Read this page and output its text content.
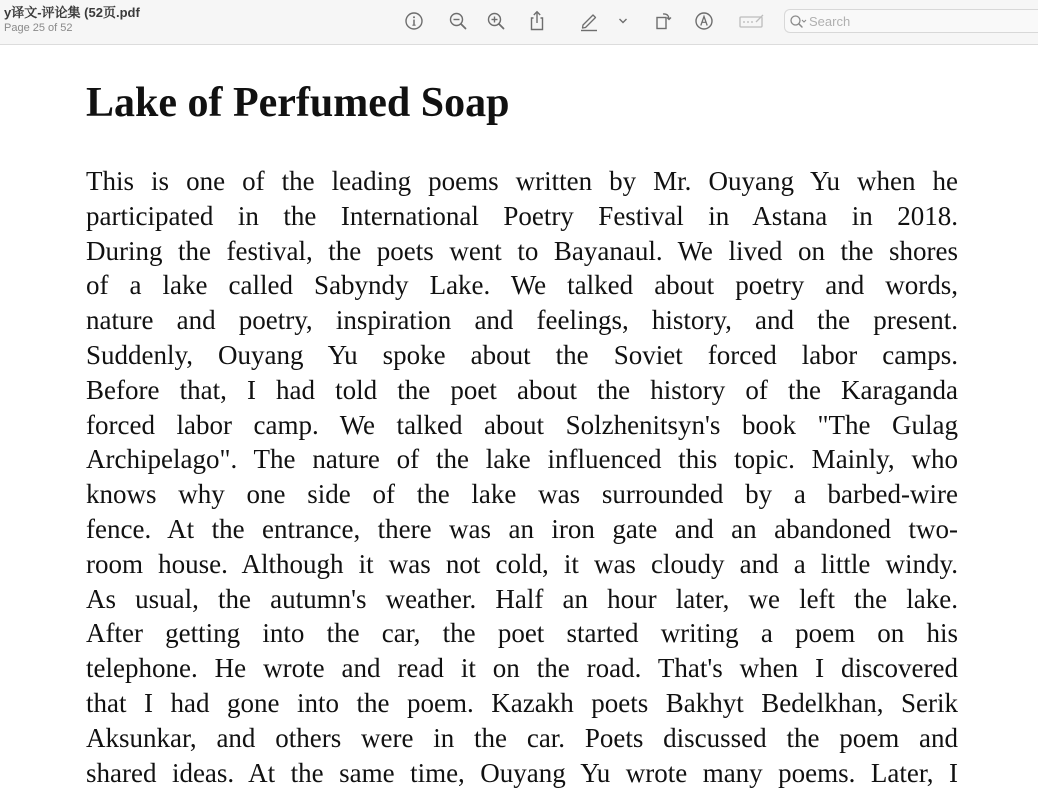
y译文-评论集 (52页.pdf
Page 25 of 52
Search
Lake of Perfumed Soap
This is one of the leading poems written by Mr. Ouyang Yu when he
participated in the International Poetry Festival in Astana in 2018.
During the festival, the poets went to Bayanaul. We lived on the shores
of a lake called Sabyndy Lake. We talked about poetry and words,
nature and poetry, inspiration and feelings, history, and the present.
Suddenly, Ouyang Yu spoke about the Soviet forced labor camps.
Before that, I had told the poet about the history of the Karaganda
forced labor camp. We talked about Solzhenitsyn's book "The Gulag
Archipelago". The nature of the lake influenced this topic. Mainly, who
knows why one side of the lake was surrounded by a barbed-wire
fence. At the entrance, there was an iron gate and an abandoned two-
room house. Although it was not cold, it was cloudy and a little windy.
As usual, the autumn's weather. Half an hour later, we left the lake.
After getting into the car, the poet started writing a poem on his
telephone. He wrote and read it on the road. That's when I discovered
that I had gone into the poem. Kazakh poets Bakhyt Bedelkhan, Serik
Aksunkar, and others were in the car. Poets discussed the poem and
shared ideas. At the same time, Ouyang Yu wrote many poems. Later, I
